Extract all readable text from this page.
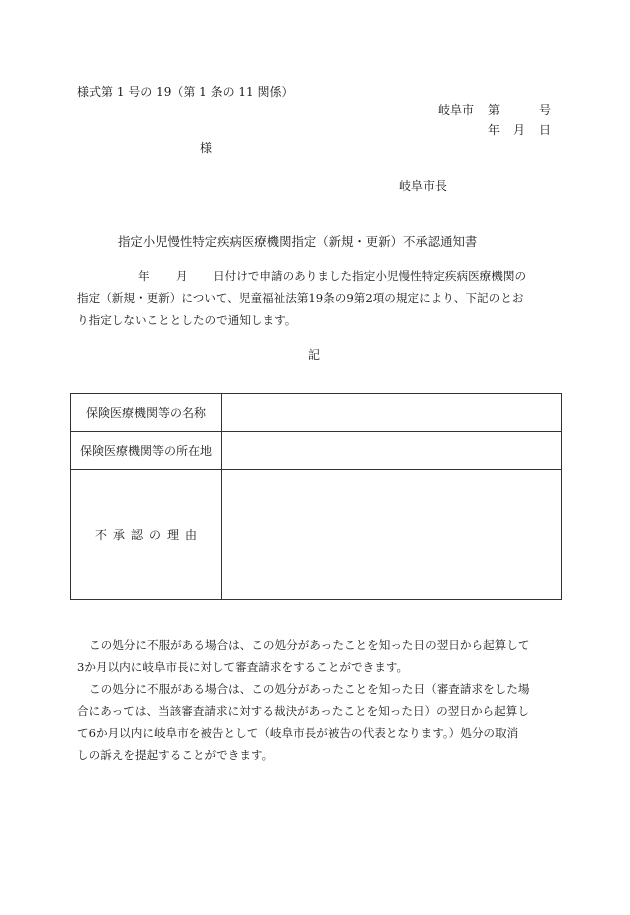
様式第 1 号の 19（第 1 条の 11 関係）
岐阜市 第	号
年 月 日
様
岐阜市長
指定小児慢性特定疾病医療機関指定（新規・更新）不承認通知書
年 月 日付けで申請のありました指定小児慢性特定疾病医療機関の
指定（新規・更新）について、児童福祉法第19条の9第2項の規定により、下記のとお
り指定しないこととしたので通知します。
記
保険医療機関等の名称	
保険医療機関等の所在地	
不 承 認 の 理 由	
この処分に不服がある場合は、この処分があったことを知った日の翌日から起算して
3か月以内に岐阜市長に対して審査請求をすることができます。
この処分に不服がある場合は、この処分があったことを知った日（審査請求をした場
合にあっては、当該審査請求に対する裁決があったことを知った日）の翌日から起算し
て6か月以内に岐阜市を被告として（岐阜市長が被告の代表となります。）処分の取消
しの訴えを提起することができます。
